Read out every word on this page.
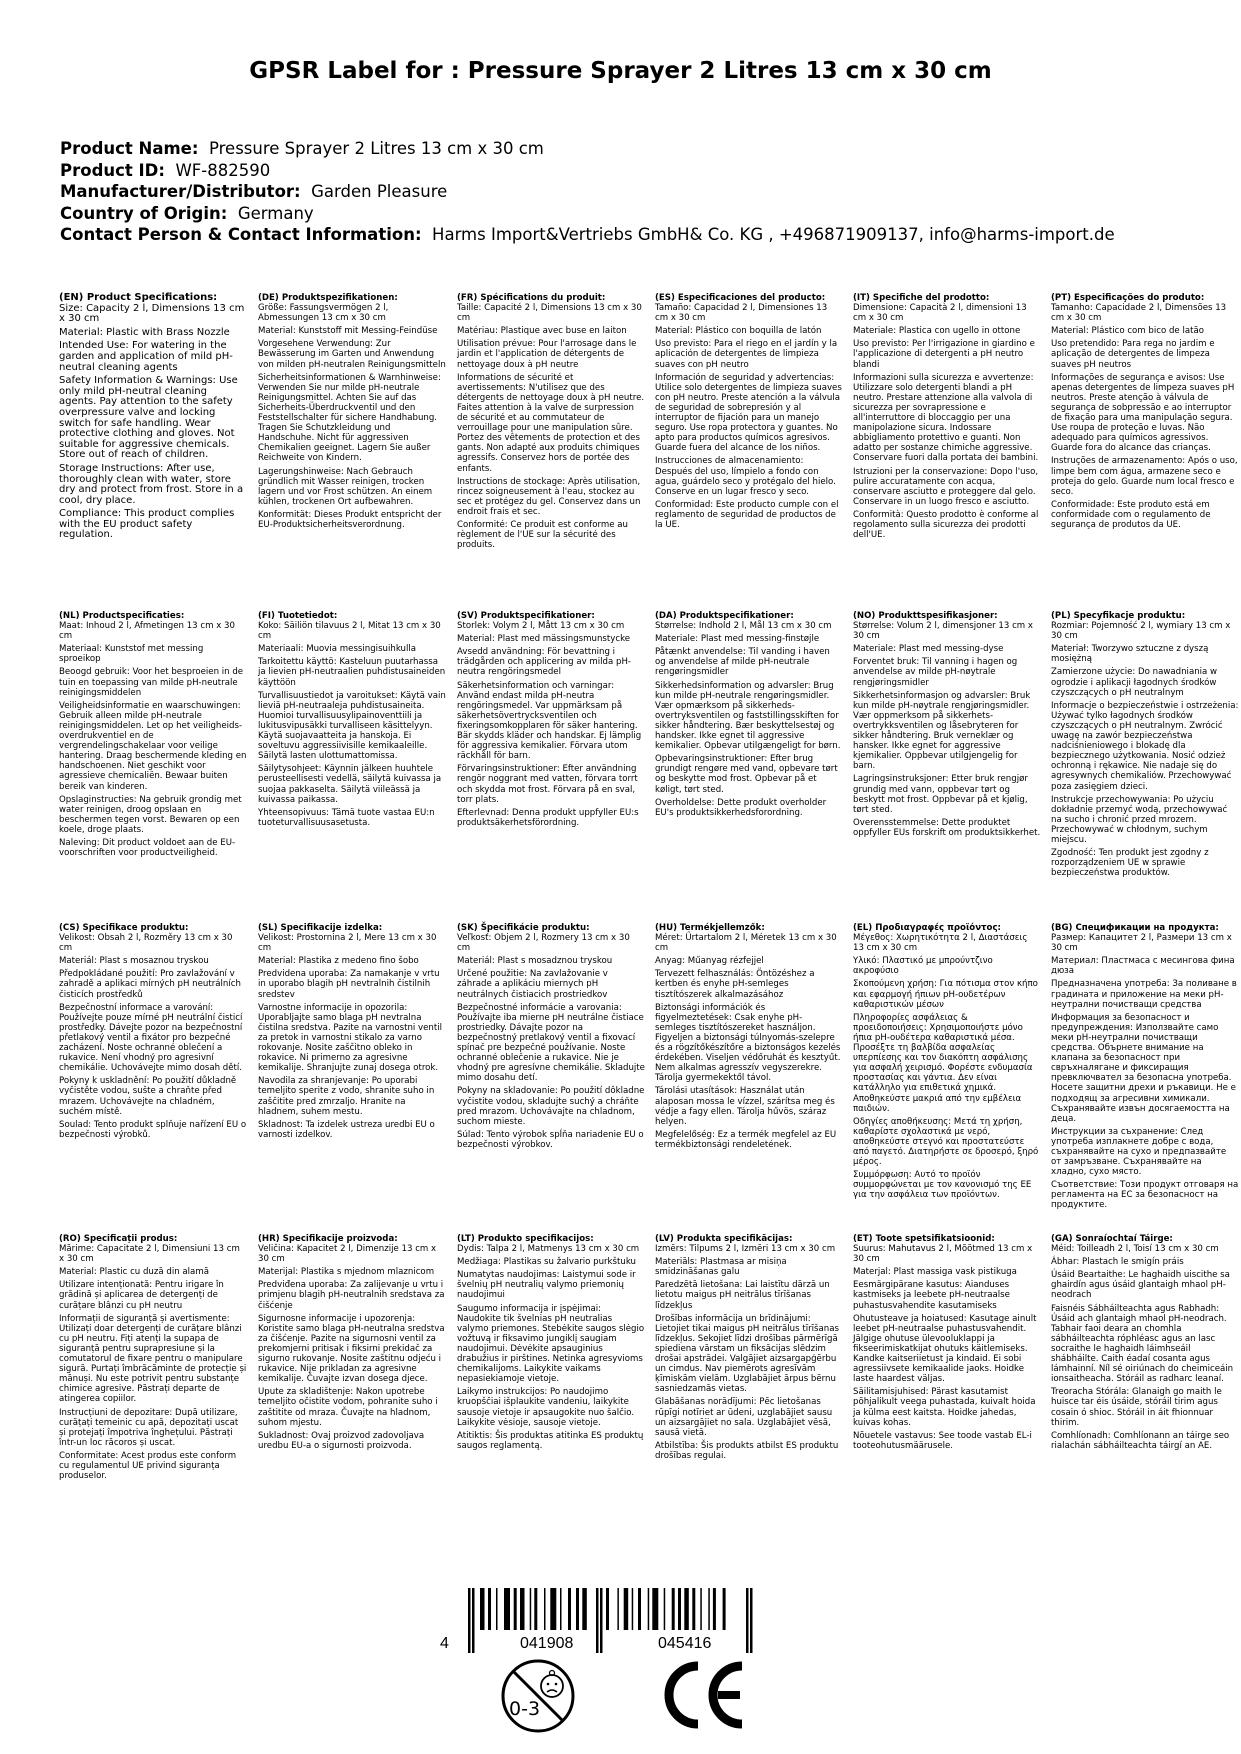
GPSR Label for : Pressure Sprayer 2 Litres 13 cm x 30 cm
Product Name: Pressure Sprayer 2 Litres 13 cm x 30 cm
Product ID: WF-882590
Manufacturer/Distributor: Garden Pleasure
Country of Origin: Germany
Contact Person & Contact Information: Harms Import&Vertriebs GmbH& Co. KG , +496871909137, info@harms-import.de
(EN) Product Specifications:

Size: Capacity 2 l, Dimensions 13 cm x 30 cm

Material: Plastic with Brass Nozzle

Intended Use: For watering in the garden and application of mild pH-neutral cleaning agents

Safety Information & Warnings: Use only mild pH-neutral cleaning agents. Pay attention to the safety overpressure valve and locking switch for safe handling. Wear protective clothing and gloves. Not suitable for aggressive chemicals. Store out of reach of children.

Storage Instructions: After use, thoroughly clean with water, store dry and protect from frost. Store in a cool, dry place.

Compliance: This product complies with the EU product safety regulation.

(DE) Produktspezifikationen:

Größe: Fassungsvermögen 2 l, Abmessungen 13 cm x 30 cm

Material: Kunststoff mit Messing-Feindüse

Vorgesehene Verwendung: Zur Bewässerung im Garten und Anwendung von milden pH-neutralen Reinigungsmitteln

Sicherheitsinformationen & Warnhinweise: Verwenden Sie nur milde pH-neutrale Reinigungsmittel. Achten Sie auf das Sicherheits-Überdruckventil und den Feststellschalter für sichere Handhabung. Tragen Sie Schutzkleidung und Handschuhe. Nicht für aggressiven Chemikalien geeignet. Lagern Sie außer Reichweite von Kindern.

Lagerungshinweise: Nach Gebrauch gründlich mit Wasser reinigen, trocken lagern und vor Frost schützen. An einem kühlen, trockenen Ort aufbewahren.

Konformität: Dieses Produkt entspricht der EU-Produktsicherheitsverordnung.

(FR) Spécifications du produit:

Taille: Capacité 2 l, Dimensions 13 cm x 30 cm

Matériau: Plastique avec buse en laiton

Utilisation prévue: Pour l'arrosage dans le jardin et l'application de détergents de nettoyage doux à pH neutre

Informations de sécurité et avertissements: N'utilisez que des détergents de nettoyage doux à pH neutre. Faites attention à la valve de surpression de sécurité et au commutateur de verrouillage pour une manipulation sûre. Portez des vêtements de protection et des gants. Non adapté aux produits chimiques agressifs. Conservez hors de portée des enfants.

Instructions de stockage: Après utilisation, rincez soigneusement à l'eau, stockez au sec et protégez du gel. Conservez dans un endroit frais et sec.

Conformité: Ce produit est conforme au règlement de l'UE sur la sécurité des produits.

(ES) Especificaciones del producto:

Tamaño: Capacidad 2 l, Dimensiones 13 cm x 30 cm

Material: Plástico con boquilla de latón

Uso previsto: Para el riego en el jardín y la aplicación de detergentes de limpieza suaves con pH neutro

Información de seguridad y advertencias: Utilice solo detergentes de limpieza suaves con pH neutro. Preste atención a la válvula de seguridad de sobrepresión y al interruptor de fijación para un manejo seguro. Use ropa protectora y guantes. No apto para productos químicos agresivos. Guarde fuera del alcance de los niños.

Instrucciones de almacenamiento: Después del uso, límpielo a fondo con agua, guárdelo seco y protégalo del hielo. Conserve en un lugar fresco y seco.

Conformidad: Este producto cumple con el reglamento de seguridad de productos de la UE.

(IT) Specifiche del prodotto:

Dimensione: Capacità 2 l, dimensioni 13 cm x 30 cm

Materiale: Plastica con ugello in ottone

Uso previsto: Per l'irrigazione in giardino e l'applicazione di detergenti a pH neutro blandi

Informazioni sulla sicurezza e avvertenze: Utilizzare solo detergenti blandi a pH neutro. Prestare attenzione alla valvola di sicurezza per sovrapressione e all'interruttore di bloccaggio per una manipolazione sicura. Indossare abbigliamento protettivo e guanti. Non adatto per sostanze chimiche aggressive. Conservare fuori dalla portata dei bambini.

Istruzioni per la conservazione: Dopo l'uso, pulire accuratamente con acqua, conservare asciutto e proteggere dal gelo. Conservare in un luogo fresco e asciutto.

Conformità: Questo prodotto è conforme al regolamento sulla sicurezza dei prodotti dell'UE.

(PT) Especificações do produto:

Tamanho: Capacidade 2 l, Dimensões 13 cm x 30 cm

Material: Plástico com bico de latão

Uso pretendido: Para rega no jardim e aplicação de detergentes de limpeza suaves pH neutros

Informações de segurança e avisos: Use apenas detergentes de limpeza suaves pH neutros. Preste atenção à válvula de segurança de sobpressão e ao interruptor de fixação para uma manipulação segura. Use roupa de proteção e luvas. Não adequado para químicos agressivos. Guarde fora do alcance das crianças.

Instruções de armazenamento: Após o uso, limpe bem com água, armazene seco e proteja do gelo. Guarde num local fresco e seco.

Conformidade: Este produto está em conformidade com o regulamento de segurança de produtos da UE.

(NL) Productspecificaties:

Maat: Inhoud 2 l, Afmetingen 13 cm x 30 cm

Materiaal: Kunststof met messing sproeikop

Beoogd gebruik: Voor het besproeien in de tuin en toepassing van milde pH-neutrale reinigingsmiddelen

Veiligheidsinformatie en waarschuwingen: Gebruik alleen milde pH-neutrale reinigingsmiddelen. Let op het veiligheids-overdrukventiel en de vergrendelingschakelaar voor veilige hantering. Draag beschermende kleding en handschoenen. Niet geschikt voor agressieve chemicaliën. Bewaar buiten bereik van kinderen.

Opslaginstructies: Na gebruik grondig met water reinigen, droog opslaan en beschermen tegen vorst. Bewaren op een koele, droge plaats.

Naleving: Dit product voldoet aan de EU-voorschriften voor productveiligheid.

(FI) Tuotetiedot:

Koko: Säiliön tilavuus 2 l, Mitat 13 cm x 30 cm

Materiaali: Muovia messingisuihkulla

Tarkoitettu käyttö: Kasteluun puutarhassa ja lievien pH-neutraalien puhdistusaineiden käyttöön

Turvallisuustiedot ja varoitukset: Käytä vain lieviä pH-neutraaleja puhdistusaineita. Huomioi turvallisuusylipainoventtiili ja lukitusvipusäkki turvalliseen käsittelyyn. Käytä suojavaatteita ja hanskoja. Ei soveltuvu aggressiivisille kemikaaleille. Säilytä lasten ulottumattomissa.

Säilytysohjeet: Käynnin jälkeen huuhtele perusteellisesti vedellä, säilytä kuivassa ja suojaa pakkaselta. Säilytä viileässä ja kuivassa paikassa.

Yhteensopivuus: Tämä tuote vastaa EU:n tuoteturvallisuusasetusta.

(SV) Produktspecifikationer:

Storlek: Volym 2 l, Mått 13 cm x 30 cm

Material: Plast med mässingsmunstycke

Avsedd användning: För bevattning i trädgården och applicering av milda pH-neutra rengöringsmedel

Säkerhetsinformation och varningar: Använd endast milda pH-neutra rengöringsmedel. Var uppmärksam på säkerhetsövertrycksventilen och fixeringsomkopplaren för säker hantering. Bär skydds kläder och handskar. Ej lämplig för aggressiva kemikalier. Förvara utom räckhåll för barn.

Förvaringsinstruktioner: Efter användning rengör noggrant med vatten, förvara torrt och skydda mot frost. Förvara på en sval, torr plats.

Efterlevnad: Denna produkt uppfyller EU:s produktsäkerhetsförordning.

(DA) Produktspecifikationer:

Størrelse: Indhold 2 l, Mål 13 cm x 30 cm

Materiale: Plast med messing-finstøjle

Påtænkt anvendelse: Til vanding i haven og anvendelse af milde pH-neutrale rengøringsmidler

Sikkerhedsinformation og advarsler: Brug kun milde pH-neutrale rengøringsmidler. Vær opmærksom på sikkerheds-overtryksventilen og faststillingsskiften for sikker håndtering. Bær beskyttelsestøj og handsker. Ikke egnet til aggressive kemikalier. Opbevar utilgængeligt for børn.

Opbevaringsinstruktioner: Efter brug grundigt rengøre med vand, opbevare tørt og beskytte mod frost. Opbevar på et køligt, tørt sted.

Overholdelse: Dette produkt overholder EU's produktsikkerhedsforordning.

(NO) Produkttspesifikasjoner:

Størrelse: Volum 2 l, dimensjoner 13 cm x 30 cm

Materiale: Plast med messing-dyse

Forventet bruk: Til vanning i hagen og anvendelse av milde pH-nøytrale rengjøringsmidler

Sikkerhetsinformasjon og advarsler: Bruk kun milde pH-nøytrale rengjøringsmidler. Vær oppmerksom på sikkerhets-overtrykksventilen og låsebryteren for sikker håndtering. Bruk verneklær og hansker. Ikke egnet for aggressive kjemikalier. Oppbevar utilgjengelig for barn.

Lagringsinstruksjoner: Etter bruk rengjør grundig med vann, oppbevar tørt og beskytt mot frost. Oppbevar på et kjølig, tørt sted.

Overensstemmelse: Dette produktet oppfyller EUs forskrift om produktsikkerhet.

(PL) Specyfikacje produktu:

Rozmiar: Pojemność 2 l, wymiary 13 cm x 30 cm

Materiał: Tworzywo sztuczne z dyszą mosiężną

Zamierzone użycie: Do nawadniania w ogrodzie i aplikacji łagodnych środków czyszczących o pH neutralnym

Informacje o bezpieczeństwie i ostrzeżenia: Używać tylko łagodnych środków czyszczących o pH neutralnym. Zwrócić uwagę na zawór bezpieczeństwa nadciśnieniowego i blokadę dla bezpiecznego użytkowania. Nosić odzież ochronną i rękawice. Nie nadaje się do agresywnych chemikaliów. Przechowywać poza zasięgiem dzieci.

Instrukcje przechowywania: Po użyciu dokładnie przemyć wodą, przechowywać na sucho i chronić przed mrozem. Przechowywać w chłodnym, suchym miejscu.

Zgodność: Ten produkt jest zgodny z rozporządzeniem UE w sprawie bezpieczeństwa produktów.

(CS) Specifikace produktu:

Velikost: Obsah 2 l, Rozměry 13 cm x 30 cm

Materiál: Plast s mosaznou tryskou

Předpokládané použití: Pro zavlažování v zahradě a aplikaci mírných pH neutrálních čisticích prostředků

Bezpečnostní informace a varování: Používejte pouze mírné pH neutrální čisticí prostředky. Dávejte pozor na bezpečnostní přetlakový ventil a fixátor pro bezpečné zacházení. Noste ochranné oblečení a rukavice. Není vhodný pro agresivní chemikálie. Uchovávejte mimo dosah dětí.

Pokyny k uskladnění: Po použití důkladně vyčistěte vodou, sušte a chraňte před mrazem. Uchovávejte na chladném, suchém místě.

Soulad: Tento produkt splňuje nařízení EU o bezpečnosti výrobků.

(SL) Specifikacije izdelka:

Velikost: Prostornina 2 l, Mere 13 cm x 30 cm

Material: Plastika z medeno fino šobo

Predvidena uporaba: Za namakanje v vrtu in uporabo blagih pH nevtralnih čistilnih sredstev

Varnostne informacije in opozorila: Uporabljajte samo blaga pH nevtralna čistilna sredstva. Pazite na varnostni ventil za pretok in varnostni stikalo za varno rokovanje. Nosite zaščitno obleko in rokavice. Ni primerno za agresivne kemikalije. Shranjujte zunaj dosega otrok.

Navodila za shranjevanje: Po uporabi temeljito sperite z vodo, shranite suho in zaščitite pred zmrzaljo. Hranite na hladnem, suhem mestu.

Skladnost: Ta izdelek ustreza uredbi EU o varnosti izdelkov.

(SK) Špecifikácie produktu:

Veľkosť: Objem 2 l, Rozmery 13 cm x 30 cm

Materiál: Plast s mosadznou tryskou

Určené použitie: Na zavlažovanie v záhrade a aplikáciu miernych pH neutrálnych čistiacich prostriedkov

Bezpečnostné informácie a varovania: Používajte iba mierne pH neutrálne čistiace prostriedky. Dávajte pozor na bezpečnostný pretlakový ventil a fixovací spínač pre bezpečné používanie. Noste ochranné oblečenie a rukavice. Nie je vhodný pre agresívne chemikálie. Skladujte mimo dosahu detí.

Pokyny na skladovanie: Po použití dôkladne vyčistite vodou, skladujte suchý a chráňte pred mrazom. Uchovávajte na chladnom, suchom mieste.

Súlad: Tento výrobok spĺňa nariadenie EU o bezpečnosti výrobkov.

(HU) Termékjellemzők:

Méret: Űrtartalom 2 l, Méretek 13 cm x 30 cm

Anyag: Műanyag rézfejjel

Tervezett felhasználás: Öntözéshez a kertben és enyhe pH-semleges tisztítószerek alkalmazásához

Biztonsági információk és figyelmeztetések: Csak enyhe pH-semleges tisztítószereket használjon. Figyeljen a biztonsági túlnyomás-szelepre és a rögzítőkészítőre a biztonságos kezelés érdekében. Viseljen védőruhát és kesztyűt. Nem alkalmas agresszív vegyszerekre. Tárolja gyermekektől távol.

Tárolási utasítások: Használat után alaposan mossa le vízzel, szárítsa meg és védje a fagy ellen. Tárolja hűvös, száraz helyen.

Megfelelőség: Ez a termék megfelel az EU termékbiztonsági rendeletének.

(EL) Προδιαγραφές προϊόντος:

Μέγεθος: Χωρητικότητα 2 l, Διαστάσεις 13 cm x 30 cm

Υλικό: Πλαστικό με μπρούντζινο ακροφύσιο

Σκοπούμενη χρήση: Για πότισμα στον κήπο και εφαρμογή ήπιων pH-ουδετέρων καθαριστικών μέσων

Πληροφορίες ασφάλειας & προειδοποιήσεις: Χρησιμοποιήστε μόνο ήπια pH-ουδέτερα καθαριστικά μέσα. Προσέξτε τη βαλβίδα ασφαλείας υπερπίεσης και τον διακόπτη ασφάλισης για ασφαλή χειρισμό. Φορέστε ενδυμασία προστασίας και γάντια. Δεν είναι κατάλληλο για επιθετικά χημικά. Αποθηκεύστε μακριά από την εμβέλεια παιδιών.

Οδηγίες αποθήκευσης: Μετά τη χρήση, καθαρίστε σχολαστικά με νερό, αποθηκεύστε στεγνό και προστατεύστε από παγετό. Διατηρήστε σε δροσερό, ξηρό μέρος.

Συμμόρφωση: Αυτό το προϊόν συμμορφώνεται με τον κανονισμό της ΕΕ για την ασφάλεια των προϊόντων.

(BG) Спецификации на продукта:

Размер: Капацитет 2 l, Размери 13 cm x 30 cm

Материал: Пластмаса с месингова фина дюза

Предназначена употреба: За поливане в градината и приложение на меки pH-неутрални почистващи средства

Информация за безопасност и предупреждения: Използвайте само меки pH-неутрални почистващи средства. Обърнете внимание на клапана за безопасност при свръхналягане и фиксиращия превключвател за безопасна употреба. Носете защитни дрехи и ръкавици. Не е подходящ за агресивни химикали. Съхранявайте извън досягаемостта на деца.

Инструкции за съхранение: След употреба изплакнете добре с вода, съхранявайте на сухо и предпазвайте от замръзване. Съхранявайте на хладно, сухо място.

Съответствие: Този продукт отговаря на регламента на ЕС за безопасност на продуктите.

(RO) Specificații produs:

Mărime: Capacitate 2 l, Dimensiuni 13 cm x 30 cm

Material: Plastic cu duză din alamă

Utilizare intenționată: Pentru irigare în grădină și aplicarea de detergenți de curățare blânzi cu pH neutru

Informații de siguranță și avertismente: Utilizați doar detergenți de curățare blânzi cu pH neutru. Fiți atenți la supapa de siguranță pentru suprapresiune și la comutatorul de fixare pentru o manipulare sigură. Purtați îmbrăcăminte de protecție și mănuși. Nu este potrivit pentru substanțe chimice agresive. Păstrați departe de atingerea copiilor.

Instrucțiuni de depozitare: După utilizare, curățați temeinic cu apă, depozitați uscat și protejați împotriva înghețului. Păstrați într-un loc răcoros și uscat.

Conformitate: Acest produs este conform cu regulamentul UE privind siguranța produselor.

(HR) Specifikacije proizvoda:

Veličina: Kapacitet 2 l, Dimenzije 13 cm x 30 cm

Materijal: Plastika s mjednom mlaznicom

Predviđena uporaba: Za zalijevanje u vrtu i primjenu blagih pH-neutralnih sredstava za čišćenje

Sigurnosne informacije i upozorenja: Koristite samo blaga pH-neutralna sredstva za čišćenje. Pazite na sigurnosni ventil za prekomjerni pritisak i fiksirni prekidač za sigurno rukovanje. Nosite zaštitnu odjeću i rukavice. Nije prikladan za agresivne kemikalije. Čuvajte izvan dosega djece.

Upute za skladištenje: Nakon upotrebe temeljito očistite vodom, pohranite suho i zaštitite od mraza. Čuvajte na hladnom, suhom mjestu.

Sukladnost: Ovaj proizvod zadovoljava uredbu EU-a o sigurnosti proizvoda.

(LT) Produkto specifikacijos:

Dydis: Talpa 2 l, Matmenys 13 cm x 30 cm

Medžiaga: Plastikas su žalvario purkštuku

Numatytas naudojimas: Laistymui sode ir švelnių pH neutralių valymo priemonių naudojimui

Saugumo informacija ir įspėjimai: Naudokite tik švelnias pH neutralias valymo priemones. Stebėkite saugos slėgio vožtuvą ir fiksavimo jungiklį saugiam naudojimui. Dėvėkite apsauginius drabužius ir pirštines. Netinka agresyvioms chemikalijoms. Laikykite vaikams nepasiekiamoje vietoje.

Laikymo instrukcijos: Po naudojimo kruopščiai išplaukite vandeniu, laikykite sausoje vietoje ir apsaugokite nuo šalčio. Laikykite vėsioje, sausoje vietoje.

Atitiktis: Šis produktas atitinka ES produktų saugos reglamentą.

(LV) Produkta specifikācijas:

Izmērs: Tilpums 2 l, Izmēri 13 cm x 30 cm

Materiāls: Plastmasa ar misiņa smidzināšanas galu

Paredzētā lietošana: Lai laistītu dārzā un lietotu maigus pH neitrālus tīrīšanas līdzekļus

Drošības informācija un brīdinājumi: Lietojiet tikai maigus pH neitrālus tīrīšanas līdzekļus. Sekojiet līdzi drošības pārmērīgā spiediena vārstam un fiksācijas slēdzim drošai apstrādei. Valgājiet aizsargapģērbu un cimdus. Nav piemērots agresīvām ķīmiskām vielām. Uzglabājiet ārpus bērnu sasniedzamās vietas.

Glabāšanas norādījumi: Pēc lietošanas rūpīgi notīriet ar ūdeni, uzglabājiet sausu un aizsargājiet no sala. Uzglabājiet vēsā, sausā vietā.

Atbilstība: Šis produkts atbilst ES produktu drošības regulai.

(ET) Toote spetsifikatsioonid:

Suurus: Mahutavus 2 l, Mõõtmed 13 cm x 30 cm

Materjal: Plast massiga vask pistikuga

Eesmärgipärane kasutus: Aianduses kastmiseks ja leebete pH-neutraalse puhastusvahendite kasutamiseks

Ohutusteave ja hoiatused: Kasutage ainult leebet pH-neutraalse puhastusvahendit. Jälgige ohutuse ülevooluklappi ja fikseerimiskatkijat ohutuks käitlemiseks. Kandke kaitseriietust ja kindaid. Ei sobi agressiivsete kemikaalide jaoks. Hoidke laste haardest väljas.

Säilitamisjuhised: Pärast kasutamist põhjalikult veega puhastada, kuivalt hoida ja külma eest kaitsta. Hoidke jahedas, kuivas kohas.

Nõuetele vastavus: See toode vastab EL-i tooteohutusmäärusele.

(GA) Sonraíochtaí Táirge:

Méid: Toilleadh 2 l, Toisí 13 cm x 30 cm

Ábhar: Plastach le smigín práis

Úsáid Beartaithe: Le haghaidh uiscithe sa ghairdín agus úsáid glantaigh mhaol pH-neodrach

Faisnéis Sábháilteachta agus Rabhadh: Úsáid ach glantaigh mhaol pH-neodrach. Tabhair faoi deara an chomhla sábháilteachta róphléasc agus an lasc socraithe le haghaidh láimhseáil shábháilte. Caith éadaí cosanta agus lámhainní. Níl sé oiriúnach do cheimiceáin ionsaitheacha. Stóráil as radharc leanaí.

Treoracha Stórála: Glanaigh go maith le huisce tar éis úsáide, stóráil tirim agus cosain ó shioc. Stóráil in áit fhionnuar thirim.

Comhlíonadh: Comhlíonann an táirge seo rialachán sábháilteachta táirgí an AE.

4	041908	045416
0-3
